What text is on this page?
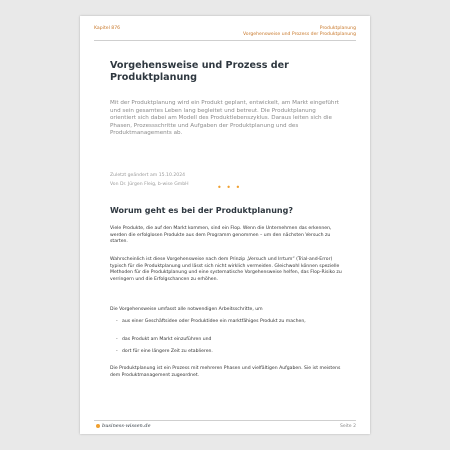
Kapitel 876	Produktplanung
Vorgehensweise und Prozess der Produktplanung
Vorgehensweise und Prozess der Produktplanung
Mit der Produktplanung wird ein Produkt geplant, entwickelt, am Markt eingeführt und sein gesamtes Leben lang begleitet und betreut. Die Produktplanung orientiert sich dabei am Modell des Produktlebenszyklus. Daraus leiten sich die Phasen, Prozessschritte und Aufgaben der Produktplanung und des Produktmanagements ab.
Zuletzt geändert am 15.10.2024
Von Dr. Jürgen Fleig, b-wise GmbH	• • •
Worum geht es bei der Produktplanung?
Viele Produkte, die auf den Markt kommen, sind ein Flop. Wenn die Unternehmen das erkennen, werden die erfolglosen Produkte aus dem Programm genommen – um den nächsten Versuch zu starten.
Wahrscheinlich ist diese Vorgehensweise nach dem Prinzip „Versuch und Irrtum“ (Trial-and-Error) typisch für die Produktplanung und lässt sich nicht wirklich vermeiden. Gleichwohl können spezielle Methoden für die Produktplanung und eine systematische Vorgehensweise helfen, das Flop-Risiko zu verringern und die Erfolgschancen zu erhöhen.
Die Vorgehensweise umfasst alle notwendigen Arbeitsschritte, um
- aus einer Geschäftsidee oder Produktidee ein marktfähiges Produkt zu machen,
- das Produkt am Markt einzuführen und
- dort für eine längere Zeit zu etablieren.
Die Produktplanung ist ein Prozess mit mehreren Phasen und vielfältigen Aufgaben. Sie ist meistens dem Produktmanagement zugeordnet.
business-wissen.de	Seite 2
